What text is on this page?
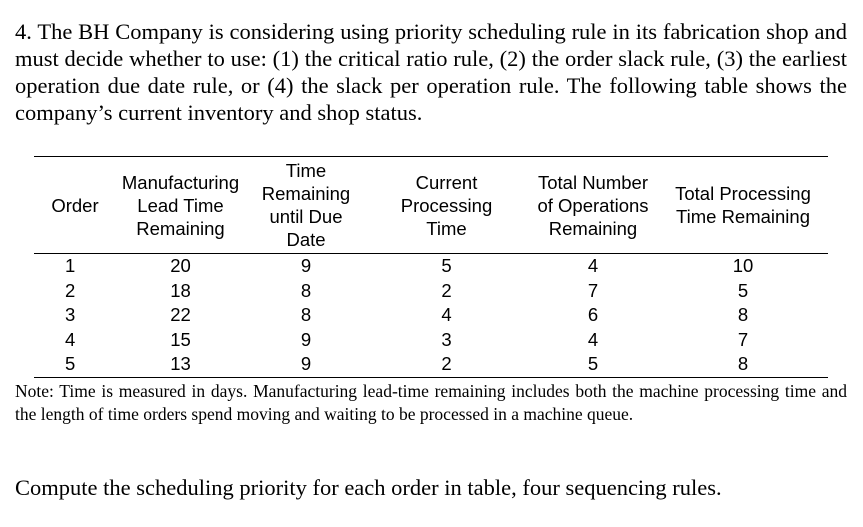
4. The BH Company is considering using priority scheduling rule in its fabrication shop and must decide whether to use: (1) the critical ratio rule, (2) the order slack rule, (3) the earliest operation due date rule, or (4) the slack per operation rule. The following table shows the company’s current inventory and shop status.

Order	Manufacturing Lead Time Remaining	Time Remaining until Due Date	Current Processing Time	Total Number of Operations Remaining	Total Processing Time Remaining
1	20	9	5	4	10
2	18	8	2	7	5
3	22	8	4	6	8
4	15	9	3	4	7
5	13	9	2	5	8

Note: Time is measured in days. Manufacturing lead-time remaining includes both the machine processing time and the length of time orders spend moving and waiting to be processed in a machine queue.

Compute the scheduling priority for each order in table, four sequencing rules.
